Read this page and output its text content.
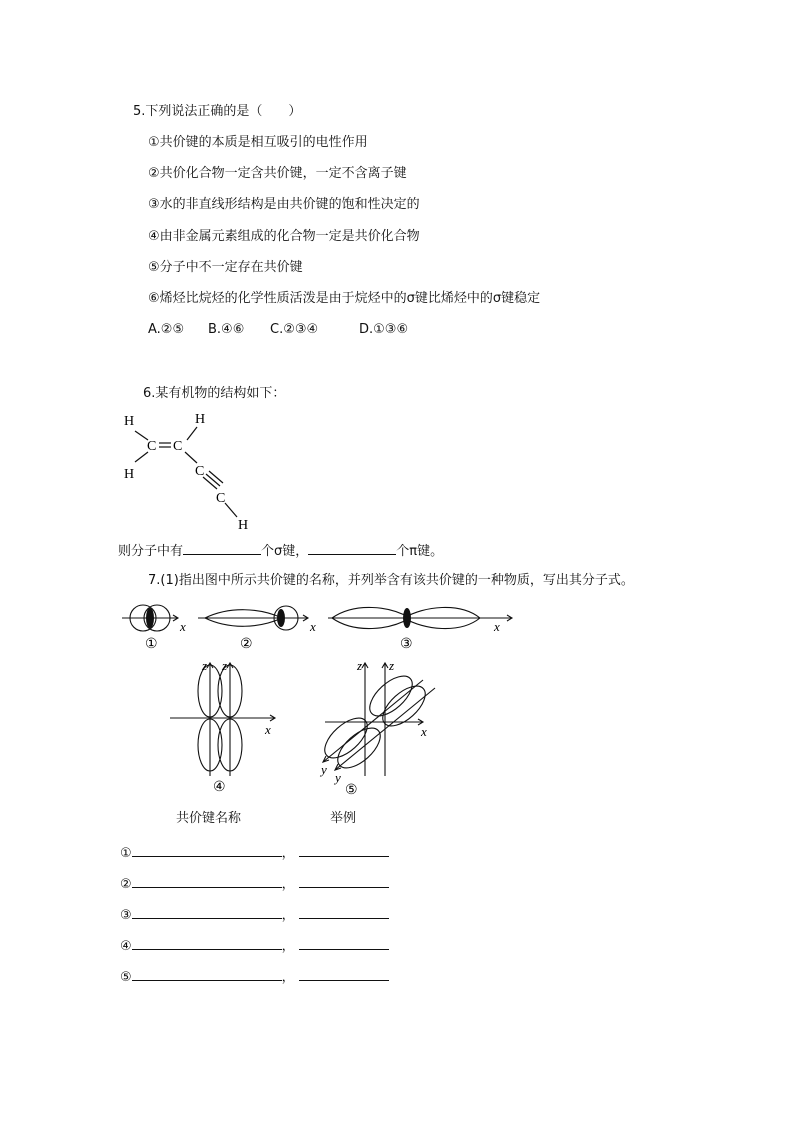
5.下列说法正确的是（　　）
①共价键的本质是相互吸引的电性作用
②共价化合物一定含共价键，一定不含离子键
③水的非直线形结构是由共价键的饱和性决定的
④由非金属元素组成的化合物一定是共价化合物
⑤分子中不一定存在共价键
⑥烯烃比烷烃的化学性质活泼是由于烷烃中的σ键比烯烃中的σ键稳定
A.②⑤ B.④⑥ C.②③④	D.①③⑥
6.某有机物的结构如下：
H	H
C C
H	C
C
H
则分子中有	个σ键，	个π键。
7.(1)指出图中所示共价键的名称，并列举含有该共价键的一种物质，写出其分子式。
x	x	x
①	②	③
z z
x
④
z z
x
y
y
⑤
共价键名称	举例
①	，
②	，
③	，
④	，
⑤	，
